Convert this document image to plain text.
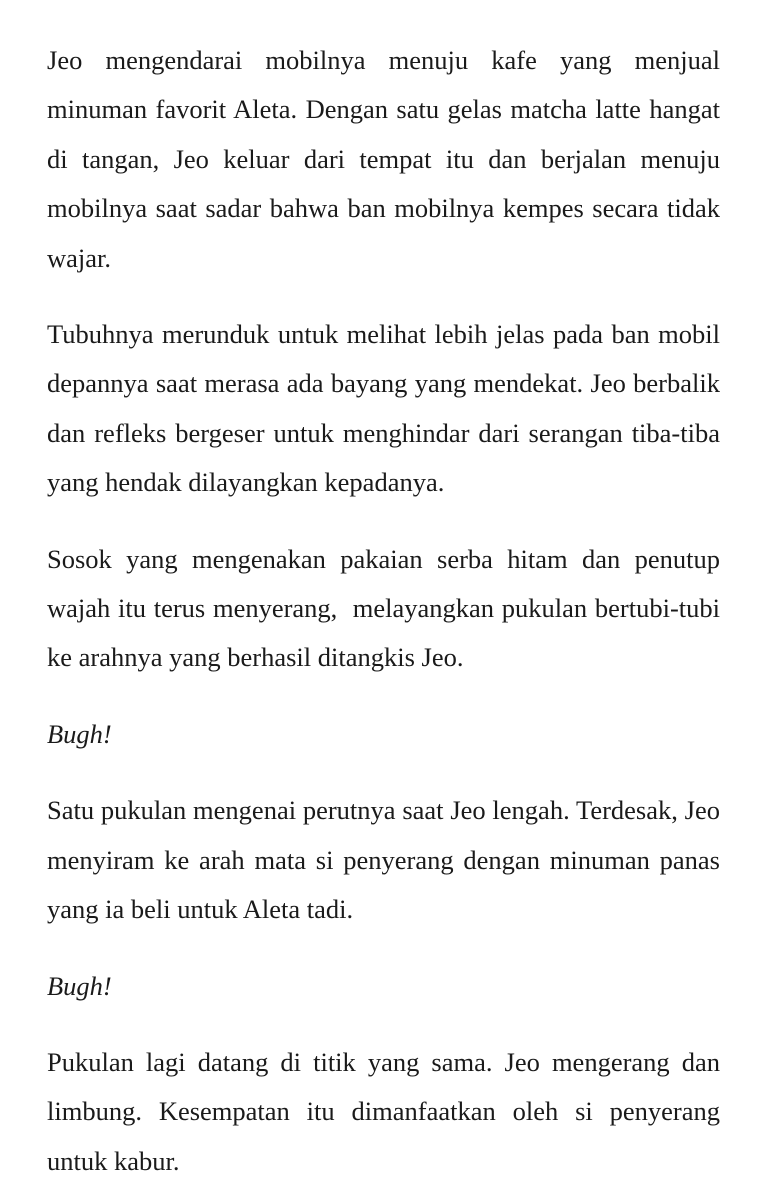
Jeo mengendarai mobilnya menuju kafe yang menjual minuman favorit Aleta. Dengan satu gelas matcha latte hangat di tangan, Jeo keluar dari tempat itu dan berjalan menuju mobilnya saat sadar bahwa ban mobilnya kempes secara tidak wajar.

Tubuhnya merunduk untuk melihat lebih jelas pada ban mobil depannya saat merasa ada bayang yang mendekat. Jeo berbalik dan refleks bergeser untuk menghindar dari serangan tiba-tiba yang hendak dilayangkan kepadanya.

Sosok yang mengenakan pakaian serba hitam dan penutup wajah itu terus menyerang,  melayangkan pukulan bertubi-tubi ke arahnya yang berhasil ditangkis Jeo.

Bugh!

Satu pukulan mengenai perutnya saat Jeo lengah. Terdesak, Jeo menyiram ke arah mata si penyerang dengan minuman panas yang ia beli untuk Aleta tadi.

Bugh!

Pukulan lagi datang di titik yang sama. Jeo mengerang dan limbung. Kesempatan itu dimanfaatkan oleh si penyerang untuk kabur.
